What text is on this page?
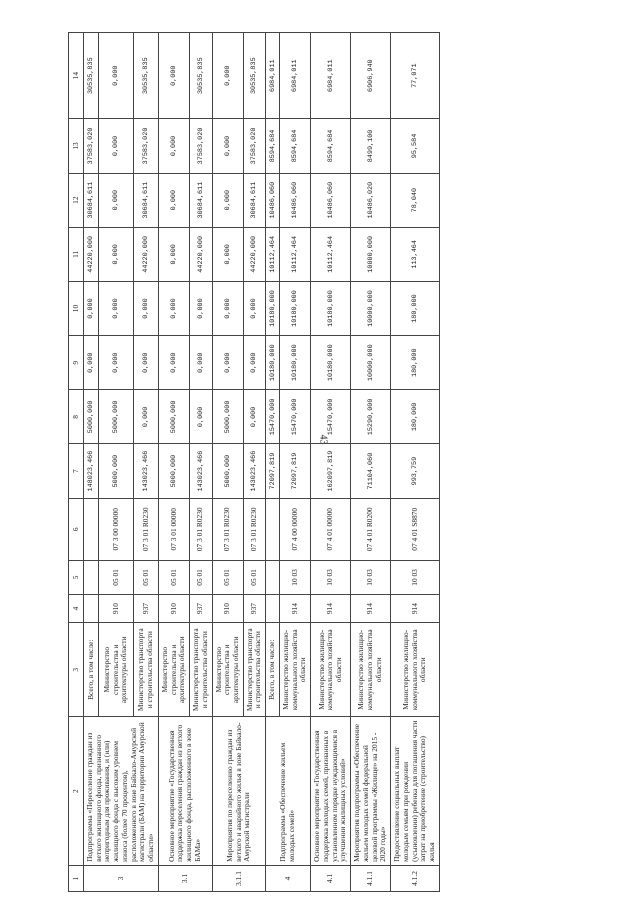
43
1	2	3	4	5	6	7	8	9	10	11	12	13	14
3	Подпрограмма «Переселение граждан из ветхого жилищного фонда, признанного непригодным для проживания, и (или) жилищного фонда с высоким уровнем износа (более 70 процентов), расположенного в зоне Байкало-Амурской магистрали (БАМ) на территории Амурской области»	Всего, в том числе:				148023,466	5000,000	0,000	0,000	44220,000	30684,611	37583,020	30535,835
		Министерство строительства и архитектуры области	910	05 01	07 3 00 00000	5000,000	5000,000	0,000	0,000	0,000	0,000	0,000	0,000
		Министерство транспорта и строительства области	937	05 01	07 3 01 R0230	143023,466	0,000	0,000	0,000	44220,000	30684,611	37583,020	30535,835
3.1	Основное мероприятие «Государственная поддержка переселения граждан из ветхого жилищного фонда, расположенного в зоне БАМа»	Министерство строительства и архитектуры области	910	05 01	07 3 01 00000	5000,000	5000,000	0,000	0,000	0,000	0,000	0,000	0,000
		Министерство транспорта и строительства области	937	05 01	07 3 01 R0230	143023,466	0,000	0,000	0,000	44220,000	30684,611	37583,020	30535,835
3.1.1	Мероприятия по переселению граждан из ветхого и аварийного жилья в зоне Байкало-Амурской магистрали	Министерство строительства и архитектуры области	910	05 01	07 3 01 R0230	5000,000	5000,000	0,000	0,000	0,000	0,000	0,000	0,000
		Министерство транспорта и строительства области	937	05 01	07 3 01 R0230	143023,466	0,000	0,000	0,000	44220,000	30684,611	37583,020	30535,835
4	Подпрограмма «Обеспечение жильем молодых семей»	Всего, в том числе:				72097,819	15470,000	10180,000	10180,000	10112,464	10486,060	8594,684	6984,011
		Министерство жилищно-коммунального хозяйства области	914	10 03	07 4 00 00000	72097,819	15470,000	10180,000	10180,000	10112,464	10486,060	8594,684	6984,011
4.1	Основное мероприятие «Государственная поддержка молодых семей, признанных в установленном порядке нуждающимися в улучшении жилищных условий»	Министерство жилищно-коммунального хозяйства области	914	10 03	07 4 01 00000	162097,819	15470,000	10180,000	10180,000	10112,464	10486,060	8594,684	6984,011
4.1.1	Мероприятия подпрограммы «Обеспечение жильем молодых семей федеральной целевой программы «Жилище» на 2015 - 2020 годы»	Министерство жилищно-коммунального хозяйства области	914	10 03	07 4 01 R0200	71104,060	15290,000	10000,000	10000,000	10000,000	10486,020	8499,100	6906,940
4.1.2	Предоставление социальных выплат молодым семьям при рождении (усыновлении) ребенка для погашения части затрат на приобретение (строительство) жилья	Министерство жилищно-коммунального хозяйства области	914	10 03	07 4 01 S8870	993,759	180,000	180,000	180,000	113,464	78,040	95,584	77,071
